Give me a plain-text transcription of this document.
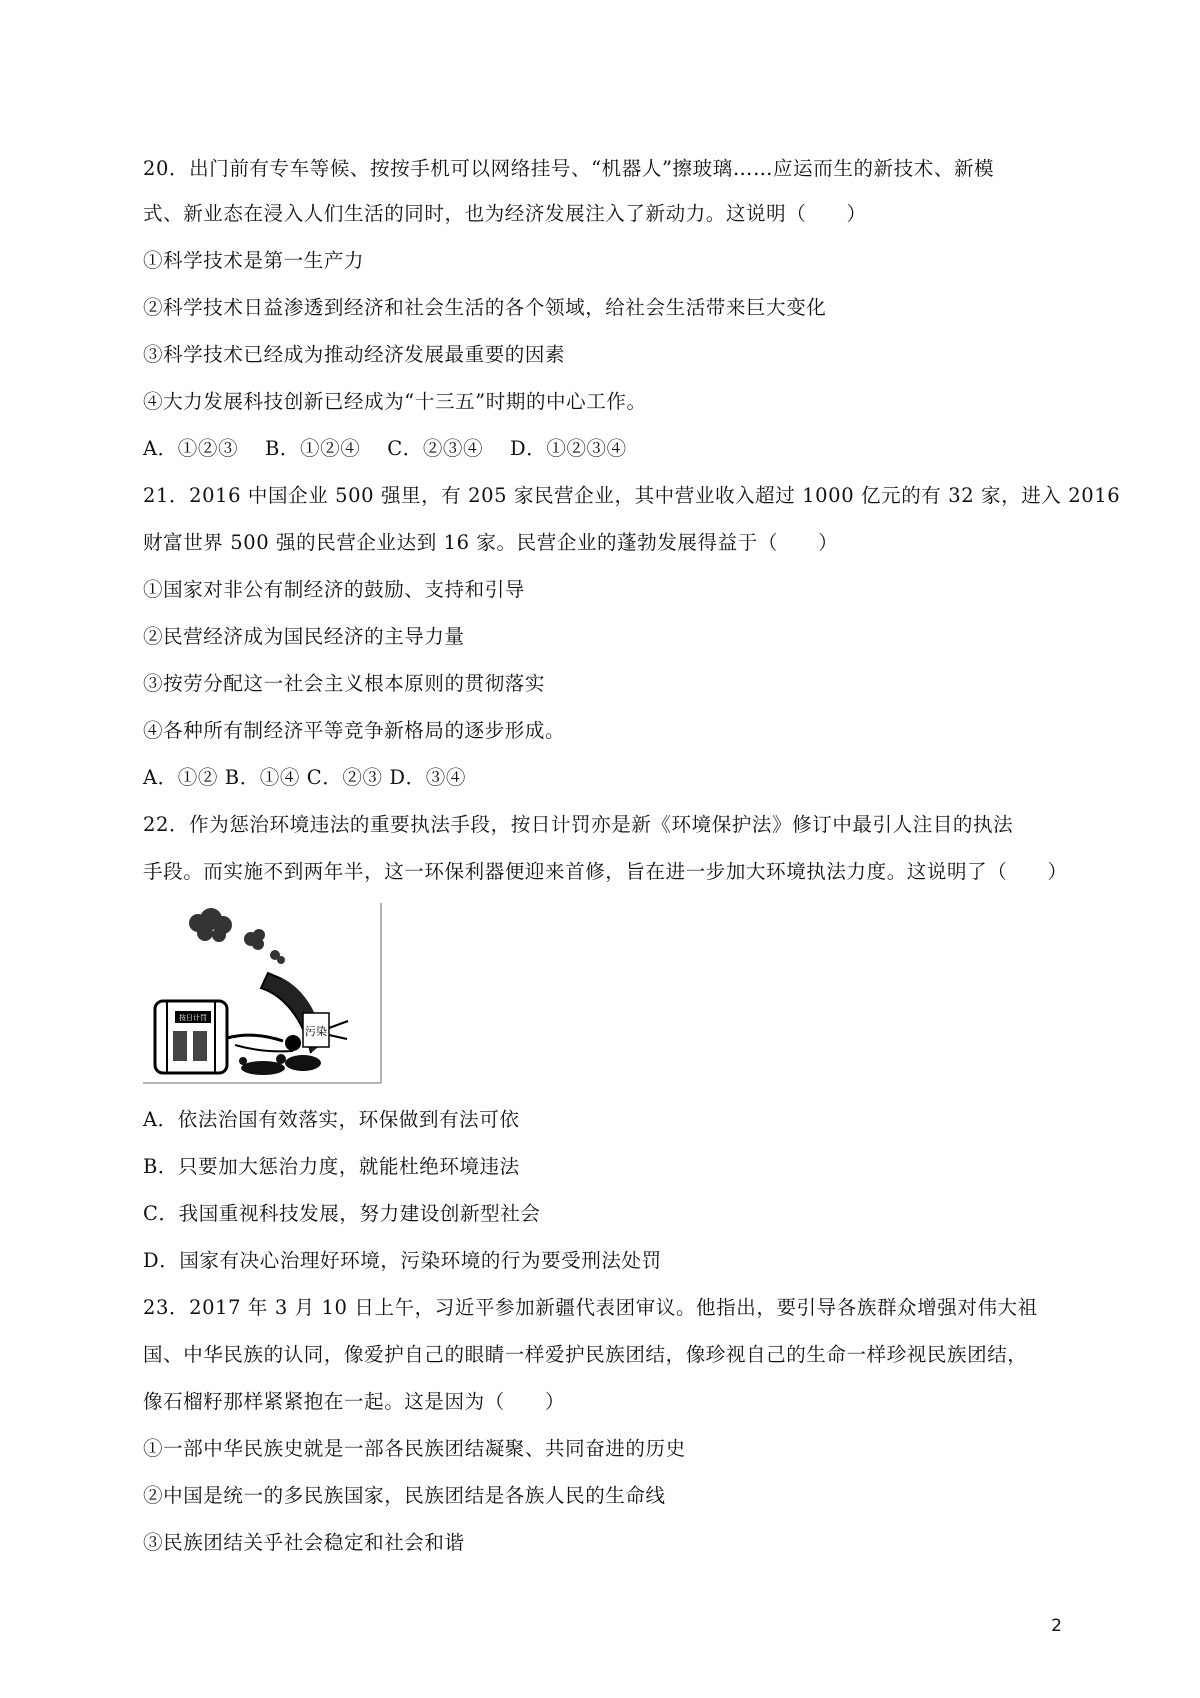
20．出门前有专车等候、按按手机可以网络挂号、“机器人”擦玻璃……应运而生的新技术、新模
式、新业态在浸入人们生活的同时，也为经济发展注入了新动力。这说明（　　）
①科学技术是第一生产力
②科学技术日益渗透到经济和社会生活的各个领域，给社会生活带来巨大变化
③科学技术已经成为推动经济发展最重要的因素
④大力发展科技创新已经成为“十三五”时期的中心工作。
A．①②③　 B．①②④　 C．②③④　 D．①②③④
21．2016 中国企业 500 强里，有 205 家民营企业，其中营业收入超过 1000 亿元的有 32 家，进入 2016
财富世界 500 强的民营企业达到 16 家。民营企业的蓬勃发展得益于（　　）
①国家对非公有制经济的鼓励、支持和引导
②民营经济成为国民经济的主导力量
③按劳分配这一社会主义根本原则的贯彻落实
④各种所有制经济平等竞争新格局的逐步形成。
A．①② B．①④ C．②③ D．③④
22．作为惩治环境违法的重要执法手段，按日计罚亦是新《环境保护法》修订中最引人注目的执法
手段。而实施不到两年半，这一环保利器便迎来首修，旨在进一步加大环境执法力度。这说明了（　　）
按日计罚
污染
A．依法治国有效落实，环保做到有法可依
B．只要加大惩治力度，就能杜绝环境违法
C．我国重视科技发展，努力建设创新型社会
D．国家有决心治理好环境，污染环境的行为要受刑法处罚
23．2017 年 3 月 10 日上午，习近平参加新疆代表团审议。他指出，要引导各族群众增强对伟大祖
国、中华民族的认同，像爱护自己的眼睛一样爱护民族团结，像珍视自己的生命一样珍视民族团结，
像石榴籽那样紧紧抱在一起。这是因为（　　）
①一部中华民族史就是一部各民族团结凝聚、共同奋进的历史
②中国是统一的多民族国家，民族团结是各族人民的生命线
③民族团结关乎社会稳定和社会和谐
2
